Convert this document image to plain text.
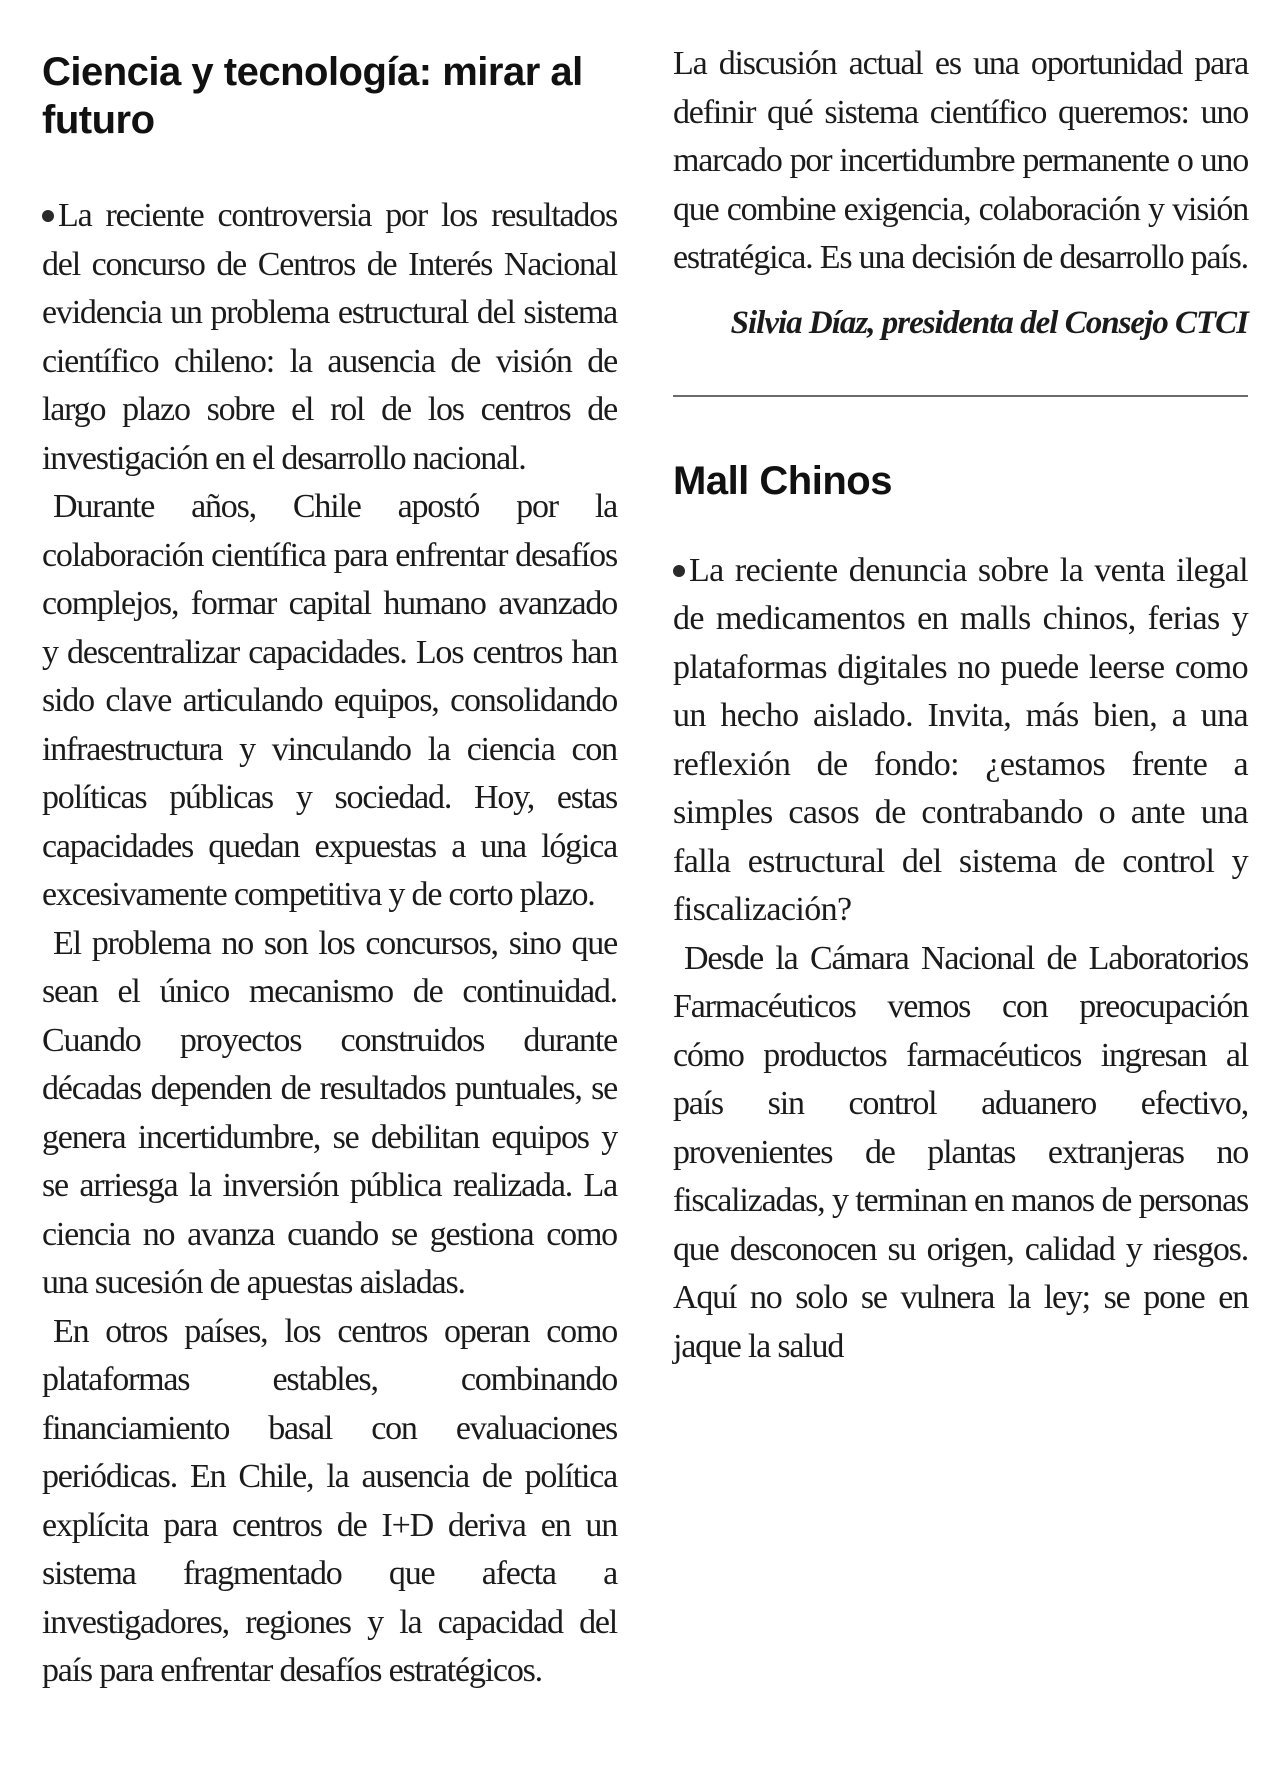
Ciencia y tecnología: mirar al futuro

La reciente controversia por los resultados del concurso de Centros de Interés Nacional evidencia un problema estructural del sistema científico chileno: la ausencia de visión de largo plazo sobre el rol de los centros de investigación en el desarrollo nacional.

Durante años, Chile apostó por la colaboración científica para enfrentar desafíos complejos, formar capital humano avanzado y descentralizar capacidades. Los centros han sido clave articulando equipos, consolidando infraestructura y vinculando la ciencia con políticas públicas y sociedad. Hoy, estas capacidades quedan expuestas a una lógica excesivamente competitiva y de corto plazo.

El problema no son los concursos, sino que sean el único mecanismo de continuidad. Cuando proyectos construidos durante décadas dependen de resultados puntuales, se genera incertidumbre, se debilitan equipos y se arriesga la inversión pública realizada. La ciencia no avanza cuando se gestiona como una sucesión de apuestas aisladas.

En otros países, los centros operan como plataformas estables, combinando financiamiento basal con evaluaciones periódicas. En Chile, la ausencia de política explícita para centros de I+D deriva en un sistema fragmentado que afecta a investigadores, regiones y la capacidad del país para enfrentar desafíos estratégicos.

La discusión actual es una oportunidad para definir qué sistema científico queremos: uno marcado por incertidumbre permanente o uno que combine exigencia, colaboración y visión estratégica. Es una decisión de desarrollo país.

Silvia Díaz, presidenta del Consejo CTCI
Mall Chinos

La reciente denuncia sobre la venta ilegal de medicamentos en malls chinos, ferias y plataformas digitales no puede leerse como un hecho aislado. Invita, más bien, a una reflexión de fondo: ¿estamos frente a simples casos de contrabando o ante una falla estructural del sistema de control y fiscalización?

Desde la Cámara Nacional de Laboratorios Farmacéuticos vemos con preocupación cómo productos farmacéuticos ingresan al país sin control aduanero efectivo, provenientes de plantas extranjeras no fiscalizadas, y terminan en manos de personas que desconocen su origen, calidad y riesgos. Aquí no solo se vulnera la ley; se pone en jaque la salud
